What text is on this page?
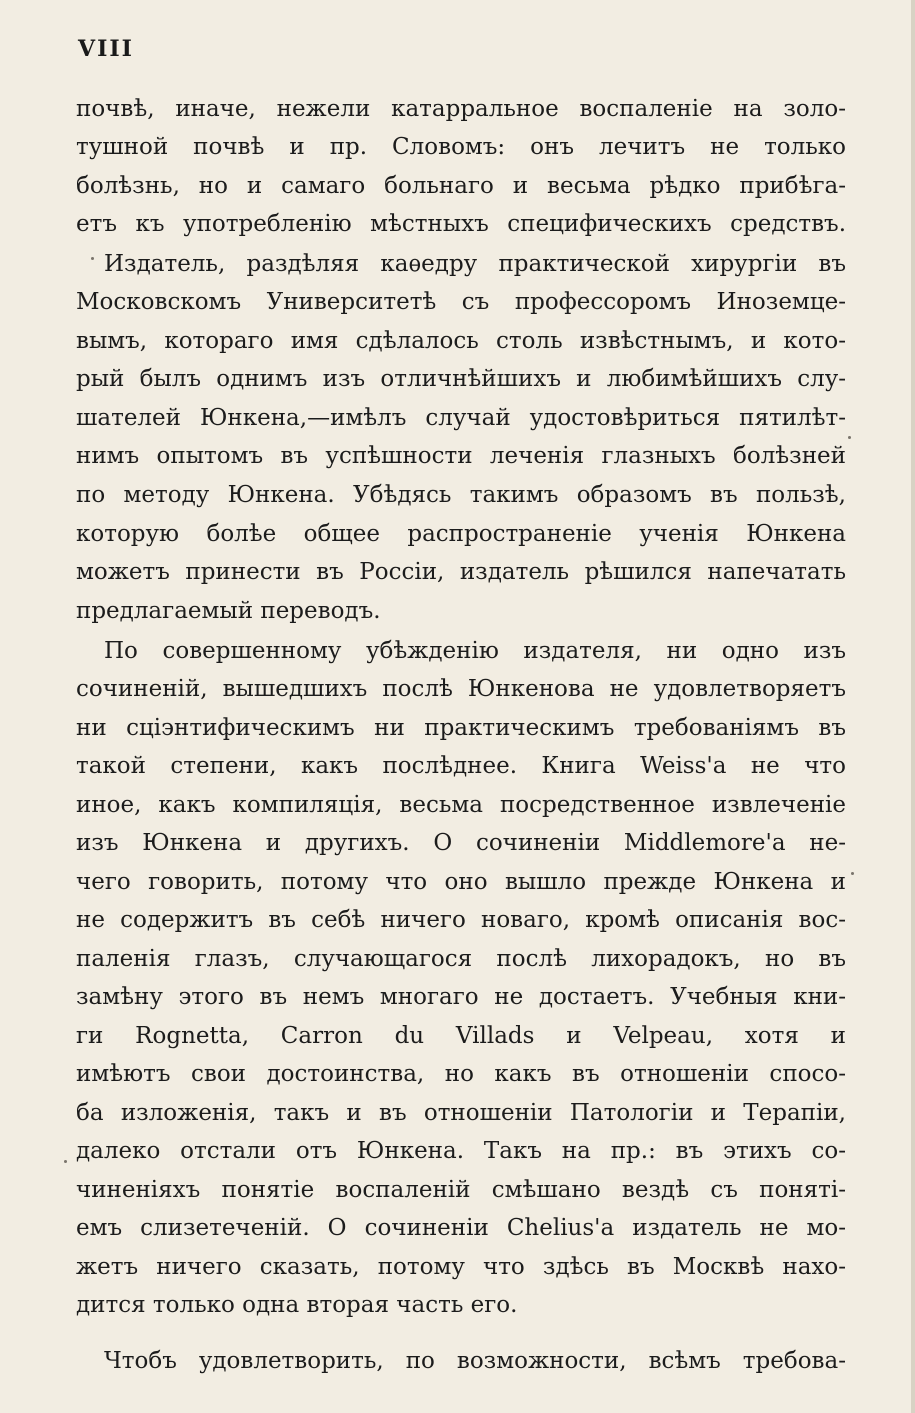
VIII
почвѣ, иначе, нежели катарральное воспаленіе на золо-
тушной почвѣ и пр. Словомъ: онъ лечитъ не только
болѣзнь, но и самаго больнаго и весьма рѣдко прибѣга-
етъ къ употребленію мѣстныхъ специфическихъ средствъ.
Издатель, раздѣляя каѳедру практической хирургіи въ
Московскомъ Университетѣ съ профессоромъ Иноземце-
вымъ, котораго имя сдѣлалось столь извѣстнымъ, и кото-
рый былъ однимъ изъ отличнѣйшихъ и любимѣйшихъ слу-
шателей Юнкена,—имѣлъ случай удостовѣриться пятилѣт-
нимъ опытомъ въ успѣшности леченія глазныхъ болѣзней
по методу Юнкена. Убѣдясь такимъ образомъ въ пользѣ,
которую болѣе общее распространеніе ученія Юнкена
можетъ принести въ Россіи, издатель рѣшился напечатать
предлагаемый переводъ.
По совершенному убѣжденію издателя, ни одно изъ
сочиненій, вышедшихъ послѣ Юнкенова не удовлетворяетъ
ни сціэнтифическимъ ни практическимъ требованіямъ въ
такой степени, какъ послѣднее. Книга Weiss'а не что
иное, какъ компиляція, весьма посредственное извлеченіе
изъ Юнкена и другихъ. О сочиненіи Middlemore'а не-
чего говорить, потому что оно вышло прежде Юнкена и
не содержитъ въ себѣ ничего новаго, кромѣ описанія вос-
паленія глазъ, случающагося послѣ лихорадокъ, но въ
замѣну этого въ немъ многаго не достаетъ. Учебныя кни-
ги Rognetta, Carron du Villads и Velpeau, хотя и
имѣютъ свои достоинства, но какъ въ отношеніи спосо-
ба изложенія, такъ и въ отношеніи Патологіи и Терапіи,
далеко отстали отъ Юнкена. Такъ на пр.: въ этихъ со-
чиненіяхъ понятіе воспаленій смѣшано вездѣ съ поняті-
емъ слизетеченій. О сочиненіи Chelius'а издатель не мо-
жетъ ничего сказать, потому что здѣсь въ Москвѣ нахо-
дится только одна вторая часть его.
Чтобъ удовлетворить, по возможности, всѣмъ требова-
